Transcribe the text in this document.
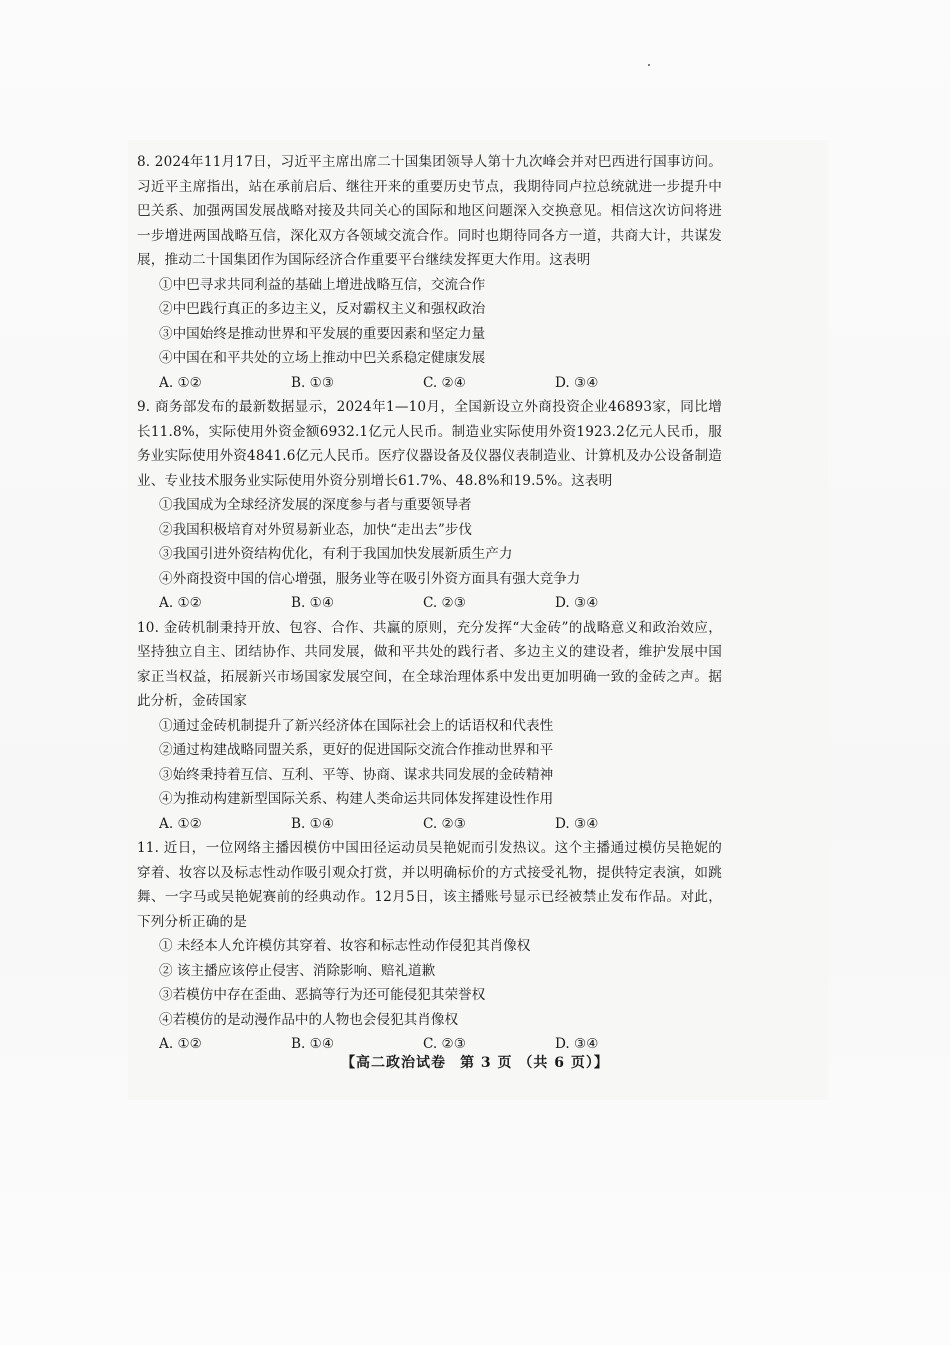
8. 2024年11月17日，习近平主席出席二十国集团领导人第十九次峰会并对巴西进行国事访问。习近平主席指出，站在承前启后、继往开来的重要历史节点，我期待同卢拉总统就进一步提升中巴关系、加强两国发展战略对接及共同关心的国际和地区问题深入交换意见。相信这次访问将进一步增进两国战略互信，深化双方各领域交流合作。同时也期待同各方一道，共商大计，共谋发展，推动二十国集团作为国际经济合作重要平台继续发挥更大作用。这表明

①中巴寻求共同利益的基础上增进战略互信，交流合作

②中巴践行真正的多边主义，反对霸权主义和强权政治

③中国始终是推动世界和平发展的重要因素和坚定力量

④中国在和平共处的立场上推动中巴关系稳定健康发展

A. ①②	B. ①③	C. ②④	D. ③④

9. 商务部发布的最新数据显示，2024年1—10月，全国新设立外商投资企业46893家，同比增长11.8%，实际使用外资金额6932.1亿元人民币。制造业实际使用外资1923.2亿元人民币，服务业实际使用外资4841.6亿元人民币。医疗仪器设备及仪器仪表制造业、计算机及办公设备制造业、专业技术服务业实际使用外资分别增长61.7%、48.8%和19.5%。这表明

①我国成为全球经济发展的深度参与者与重要领导者

②我国积极培育对外贸易新业态，加快“走出去”步伐

③我国引进外资结构优化，有利于我国加快发展新质生产力

④外商投资中国的信心增强，服务业等在吸引外资方面具有强大竞争力

A. ①②	B. ①④	C. ②③	D. ③④

10. 金砖机制秉持开放、包容、合作、共赢的原则，充分发挥“大金砖”的战略意义和政治效应，坚持独立自主、团结协作、共同发展，做和平共处的践行者、多边主义的建设者，维护发展中国家正当权益，拓展新兴市场国家发展空间，在全球治理体系中发出更加明确一致的金砖之声。据此分析，金砖国家

①通过金砖机制提升了新兴经济体在国际社会上的话语权和代表性

②通过构建战略同盟关系，更好的促进国际交流合作推动世界和平

③始终秉持着互信、互利、平等、协商、谋求共同发展的金砖精神

④为推动构建新型国际关系、构建人类命运共同体发挥建设性作用

A. ①②	B. ①④	C. ②③	D. ③④

11. 近日，一位网络主播因模仿中国田径运动员吴艳妮而引发热议。这个主播通过模仿吴艳妮的穿着、妆容以及标志性动作吸引观众打赏，并以明确标价的方式接受礼物，提供特定表演，如跳舞、一字马或吴艳妮赛前的经典动作。12月5日，该主播账号显示已经被禁止发布作品。对此，下列分析正确的是

① 未经本人允许模仿其穿着、妆容和标志性动作侵犯其肖像权

② 该主播应该停止侵害、消除影响、赔礼道歉

③若模仿中存在歪曲、恶搞等行为还可能侵犯其荣誉权

④若模仿的是动漫作品中的人物也会侵犯其肖像权

A. ①②	B. ①④	C. ②③	D. ③④
【高二政治试卷 第 3 页 （共 6 页）】
